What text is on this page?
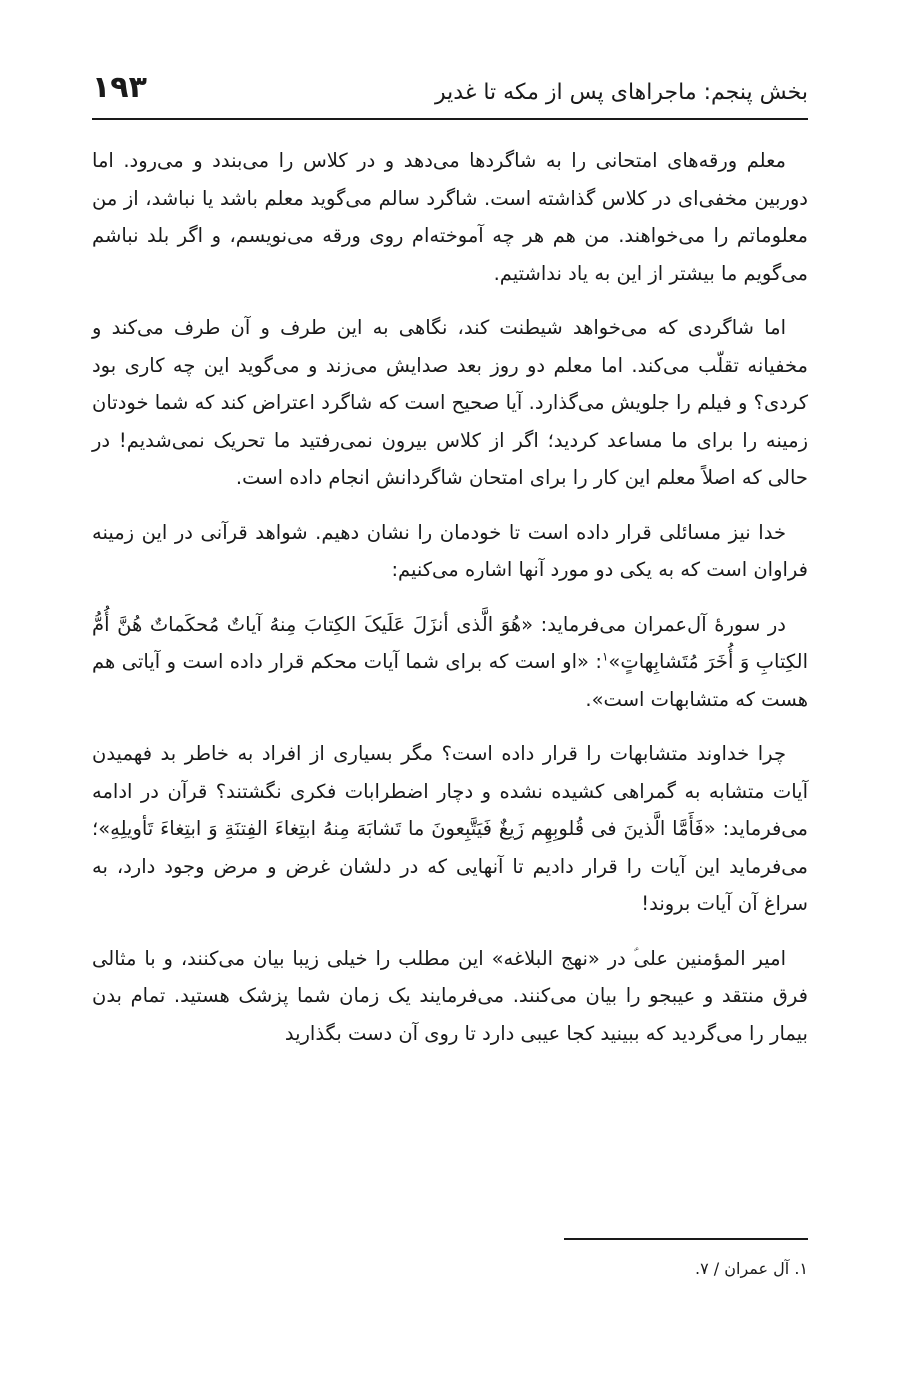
بخش پنجم: ماجراهای پس از مکه تا غدیر
۱۹۳

معلم ورقه‌های امتحانی را به شاگردها می‌دهد و در کلاس را می‌بندد و می‌رود. اما دوربین مخفی‌ای در کلاس گذاشته است. شاگرد سالم می‌گوید معلم باشد یا نباشد، از من معلوماتم را می‌خواهند. من هم هر چه آموخته‌ام روی ورقه می‌نویسم، و اگر بلد نباشم می‌گویم ما بیشتر از این به یاد نداشتیم.

اما شاگردی که می‌خواهد شیطنت کند، نگاهی به این طرف و آن طرف می‌کند و مخفیانه تقلّب می‌کند. اما معلم دو روز بعد صدایش می‌زند و می‌گوید این چه کاری بود کردی؟ و فیلم را جلویش می‌گذارد. آیا صحیح است که شاگرد اعتراض کند که شما خودتان زمینه را برای ما مساعد کردید؛ اگر از کلاس بیرون نمی‌رفتید ما تحریک نمی‌شدیم! در حالی که اصلاً معلم این کار را برای امتحان شاگردانش انجام داده است.

خدا نیز مسائلی قرار داده است تا خودمان را نشان دهیم. شواهد قرآنی در این زمینه فراوان است که به یکی دو مورد آنها اشاره می‌کنیم:

در سورهٔ آل‌عمران می‌فرماید: «هُوَ الَّذی أنزَلَ عَلَیکَ الکِتابَ مِنهُ آیاتٌ مُحکَماتٌ هُنَّ أُمُّ الکِتابِ وَ أُخَرَ مُتَشابِهاتٍ»$^۱$: «او است که برای شما آیات محکم قرار داده است و آیاتی هم هست که متشابهات است».

چرا خداوند متشابهات را قرار داده است؟ مگر بسیاری از افراد به خاطر بد فهمیدن آیات متشابه به گمراهی کشیده نشده و دچار اضطرابات فکری نگشتند؟ قرآن در ادامه می‌فرماید: «فَأَمَّا الَّذینَ فی قُلوبِهِم زَیغٌ فَیَتَّبِعونَ ما تَشابَهَ مِنهُ ابتِغاءَ الفِتنَةِ وَ ابتِغاءَ تَأویلِهِ»؛ می‌فرماید این آیات را قرار دادیم تا آنهایی که در دلشان غرض و مرض وجود دارد، به سراغ آن آیات بروند!

امیر المؤمنین علی‌ؑ در «نهج البلاغه» این مطلب را خیلی زیبا بیان می‌کنند، و با مثالی فرق منتقد و عیبجو را بیان می‌کنند. می‌فرمایند یک زمان شما پزشک هستید. تمام بدن بیمار را می‌گردید که ببینید کجا عیبی دارد تا روی آن دست بگذارید

۱. آل عمران / ۷.
